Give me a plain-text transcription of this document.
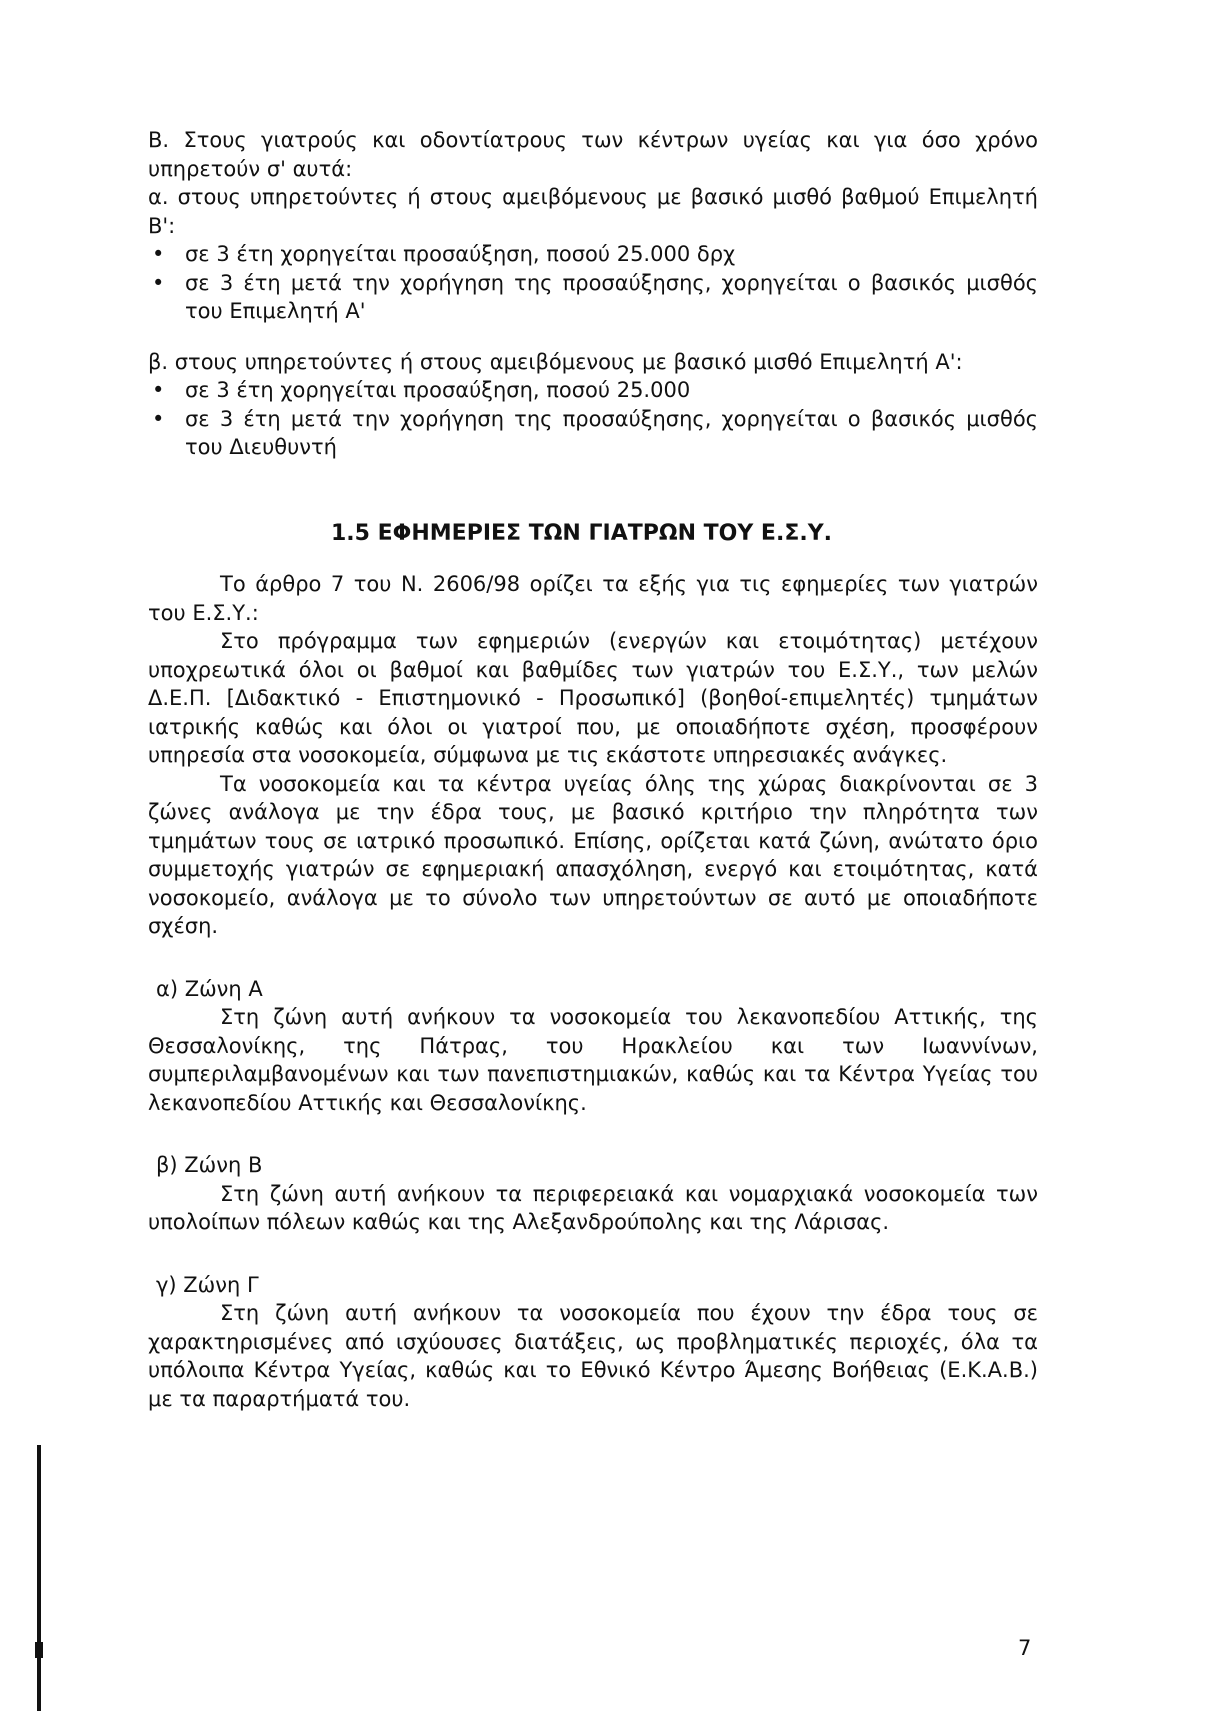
Β. Στους γιατρούς και οδοντίατρους των κέντρων υγείας και για όσο χρόνο υπηρετούν σ' αυτά:

α. στους υπηρετούντες ή στους αμειβόμενους με βασικό μισθό βαθμού Επιμελητή Β':

• σε 3 έτη χορηγείται προσαύξηση, ποσού 25.000 δρχ
• σε 3 έτη μετά την χορήγηση της προσαύξησης, χορηγείται ο βασικός μισθός του Επιμελητή Α'

β. στους υπηρετούντες ή στους αμειβόμενους με βασικό μισθό Επιμελητή Α':

• σε 3 έτη χορηγείται προσαύξηση, ποσού 25.000
• σε 3 έτη μετά την χορήγηση της προσαύξησης, χορηγείται ο βασικός μισθός του Διευθυντή
1.5 ΕΦΗΜΕΡΙΕΣ ΤΩΝ ΓΙΑΤΡΩΝ ΤΟΥ Ε.Σ.Υ.

Το άρθρο 7 του Ν. 2606/98 ορίζει τα εξής για τις εφημερίες των γιατρών του Ε.Σ.Υ.:

Στο πρόγραμμα των εφημεριών (ενεργών και ετοιμότητας) μετέχουν υποχρεωτικά όλοι οι βαθμοί και βαθμίδες των γιατρών του Ε.Σ.Υ., των μελών Δ.Ε.Π. [Διδακτικό - Επιστημονικό - Προσωπικό] (βοηθοί-επιμελητές) τμημάτων ιατρικής καθώς και όλοι οι γιατροί που, με οποιαδήποτε σχέση, προσφέρουν υπηρεσία στα νοσοκομεία, σύμφωνα με τις εκάστοτε υπηρεσιακές ανάγκες.

Τα νοσοκομεία και τα κέντρα υγείας όλης της χώρας διακρίνονται σε 3 ζώνες ανάλογα με την έδρα τους, με βασικό κριτήριο την πληρότητα των τμημάτων τους σε ιατρικό προσωπικό. Επίσης, ορίζεται κατά ζώνη, ανώτατο όριο συμμετοχής γιατρών σε εφημεριακή απασχόληση, ενεργό και ετοιμότητας, κατά νοσοκομείο, ανάλογα με το σύνολο των υπηρετούντων σε αυτό με οποιαδήποτε σχέση.

α) Ζώνη Α

Στη ζώνη αυτή ανήκουν τα νοσοκομεία του λεκανοπεδίου Αττικής, της Θεσσαλονίκης, της Πάτρας, του Ηρακλείου και των Ιωαννίνων, συμπεριλαμβανομένων και των πανεπιστημιακών, καθώς και τα Κέντρα Υγείας του λεκανοπεδίου Αττικής και Θεσσαλονίκης.

β) Ζώνη Β

Στη ζώνη αυτή ανήκουν τα περιφερειακά και νομαρχιακά νοσοκομεία των υπολοίπων πόλεων καθώς και της Αλεξανδρούπολης και της Λάρισας.

γ) Ζώνη Γ

Στη ζώνη αυτή ανήκουν τα νοσοκομεία που έχουν την έδρα τους σε χαρακτηρισμένες από ισχύουσες διατάξεις, ως προβληματικές περιοχές, όλα τα υπόλοιπα Κέντρα Υγείας, καθώς και το Εθνικό Κέντρο Άμεσης Βοήθειας (Ε.Κ.Α.Β.) με τα παραρτήματά του.

7
